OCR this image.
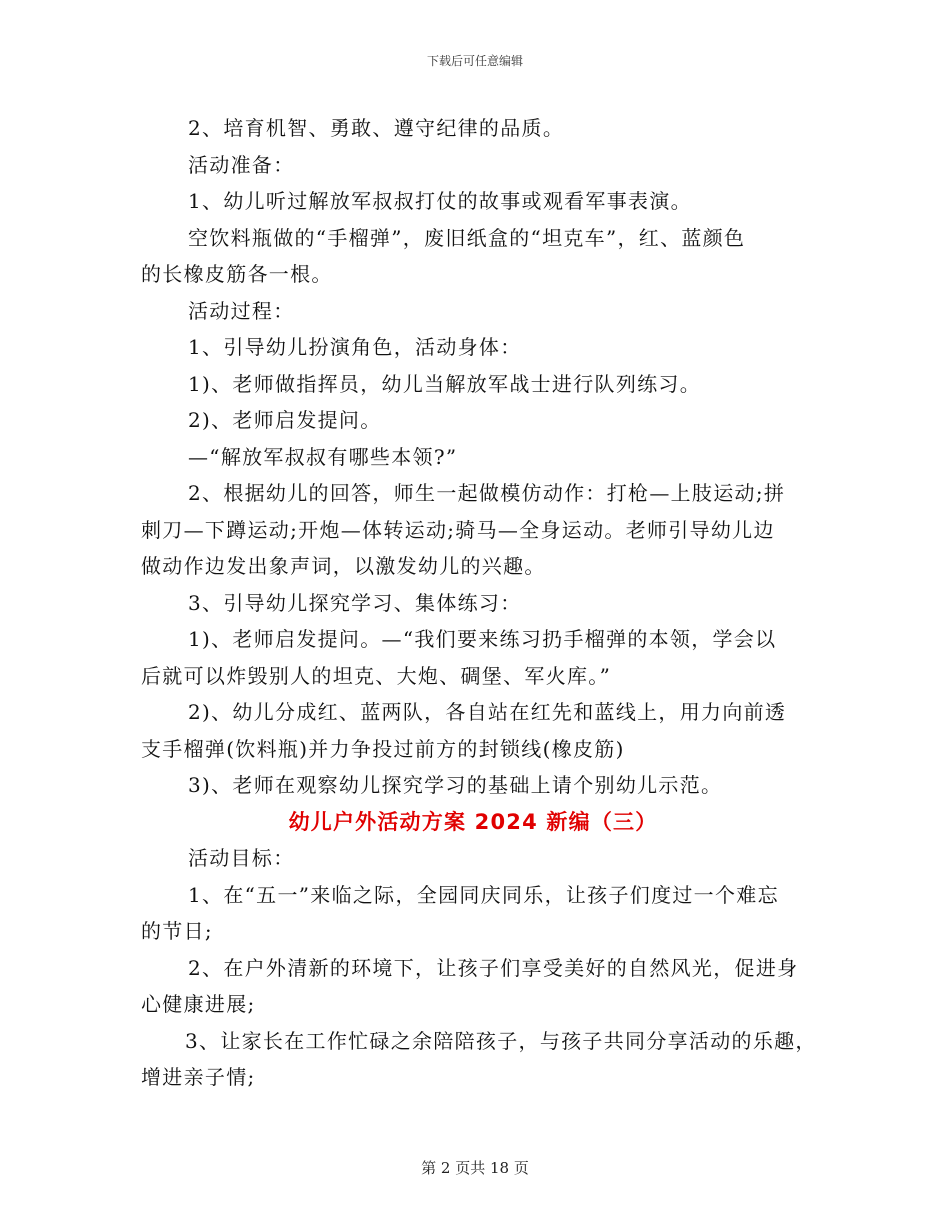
下载后可任意编辑

2、培育机智、勇敢、遵守纪律的品质。

活动准备：

1、幼儿听过解放军叔叔打仗的故事或观看军事表演。

空饮料瓶做的“手榴弹”，废旧纸盒的“坦克车”，红、蓝颜色

的长橡皮筋各一根。

活动过程：

1、引导幼儿扮演角色，活动身体：

1)、老师做指挥员，幼儿当解放军战士进行队列练习。

2)、老师启发提问。

—“解放军叔叔有哪些本领?”

2、根据幼儿的回答，师生一起做模仿动作：打枪—上肢运动;拼

刺刀—下蹲运动;开炮—体转运动;骑马—全身运动。老师引导幼儿边

做动作边发出象声词，以激发幼儿的兴趣。

3、引导幼儿探究学习、集体练习：

1)、老师启发提问。—“我们要来练习扔手榴弹的本领，学会以

后就可以炸毁别人的坦克、大炮、碉堡、军火库。”

2)、幼儿分成红、蓝两队，各自站在红先和蓝线上，用力向前透

支手榴弹(饮料瓶)并力争投过前方的封锁线(橡皮筋)

3)、老师在观察幼儿探究学习的基础上请个别幼儿示范。

幼儿户外活动方案 2024 新编（三）

活动目标：

1、在“五一”来临之际，全园同庆同乐，让孩子们度过一个难忘

的节日;

2、在户外清新的环境下，让孩子们享受美好的自然风光，促进身

心健康进展;

3、让家长在工作忙碌之余陪陪孩子，与孩子共同分享活动的乐趣，

增进亲子情;

第 2 页共 18 页
